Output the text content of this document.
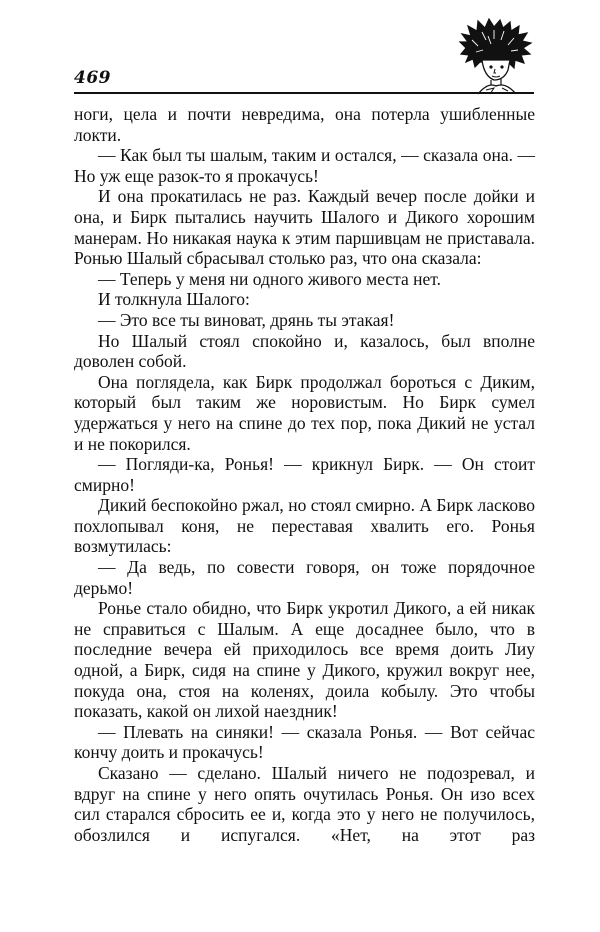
469

ноги, цела и почти невредима, она потерла ушибленные локти.

— Как был ты шалым, таким и остался, — сказала она. — Но уж еще разок-то я прокачусь!

И она прокатилась не раз. Каждый вечер после дойки и она, и Бирк пытались научить Шалого и Дикого хорошим манерам. Но никакая наука к этим паршивцам не приставала. Ронью Шалый сбрасывал столько раз, что она сказала:

— Теперь у меня ни одного живого места нет.

И толкнула Шалого:

— Это все ты виноват, дрянь ты этакая!

Но Шалый стоял спокойно и, казалось, был вполне доволен собой.

Она поглядела, как Бирк продолжал бороться с Диким, который был таким же норовистым. Но Бирк сумел удержаться у него на спине до тех пор, пока Дикий не устал и не покорился.

— Погляди-ка, Ронья! — крикнул Бирк. — Он стоит смирно!

Дикий беспокойно ржал, но стоял смирно. А Бирк ласково похлопывал коня, не переставая хвалить его. Ронья возмутилась:

— Да ведь, по совести говоря, он тоже порядочное дерьмо!

Ронье стало обидно, что Бирк укротил Дикого, а ей никак не справиться с Шалым. А еще досаднее было, что в последние вечера ей приходилось все время доить Лиу одной, а Бирк, сидя на спине у Дикого, кружил вокруг нее, покуда она, стоя на коленях, доила кобылу. Это чтобы показать, какой он лихой наездник!

— Плевать на синяки! — сказала Ронья. — Вот сейчас кончу доить и прокачусь!

Сказано — сделано. Шалый ничего не подозревал, и вдруг на спине у него опять очутилась Ронья. Он изо всех сил старался сбросить ее и, когда это у него не получилось, обозлился и испугался. «Нет, на этот раз
